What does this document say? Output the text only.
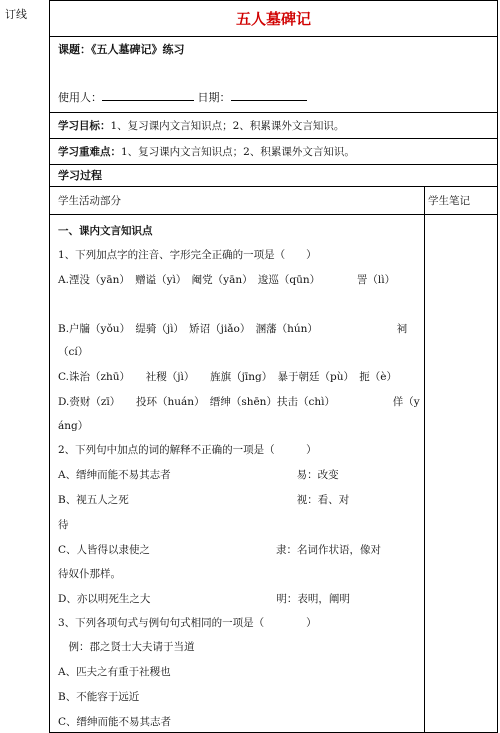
订线	五人墓碑记
课题：《五人墓碑记》练习
使用人：	日期：
学习目标：1、复习课内文言知识点；2、积累课外文言知识。
学习重难点：1、复习课内文言知识点；2、积累课外文言知识。
学习过程
学生活动部分	学生笔记
一、课内文言知识点
1、下列加点字的注音、字形完全正确的一项是（　　）
A.湮没（yān）　赠谥（yì）　阉党（yān）　逡巡（qūn）　　　　詈（lì）
B.户牖（yǒu）　缇骑（jì）　矫诏（jiǎo）　溷藩（hún）　　　　　　　　祠
（cí）
C.诛治（zhū）　　社稷（jì）　　旌旗（jīng）　暴于朝廷（pù）　扼（è）
D.赍财（zī）　　投环（huán）　缙绅（shēn）扶击（chì）　　　　　　佯（y
áng）
2、下列句中加点的词的解释不正确的一项是（　　　）
A、缙绅而能不易其志者　　　　　　　　　　　　易：改变
B、视五人之死　　　　　　　　　　　　　　　　视：看、对
待
C、人皆得以隶使之　　　　　　　　　　　　隶：名词作状语，像对
待奴仆那样。
D、亦以明死生之大　　　　　　　　　　　　明：表明，阐明
3、下列各项句式与例句句式相同的一项是（　　　　）
　例：郡之贤士大夫请于当道
A、匹夫之有重于社稷也
B、不能容于远近
C、缙绅而能不易其志者
